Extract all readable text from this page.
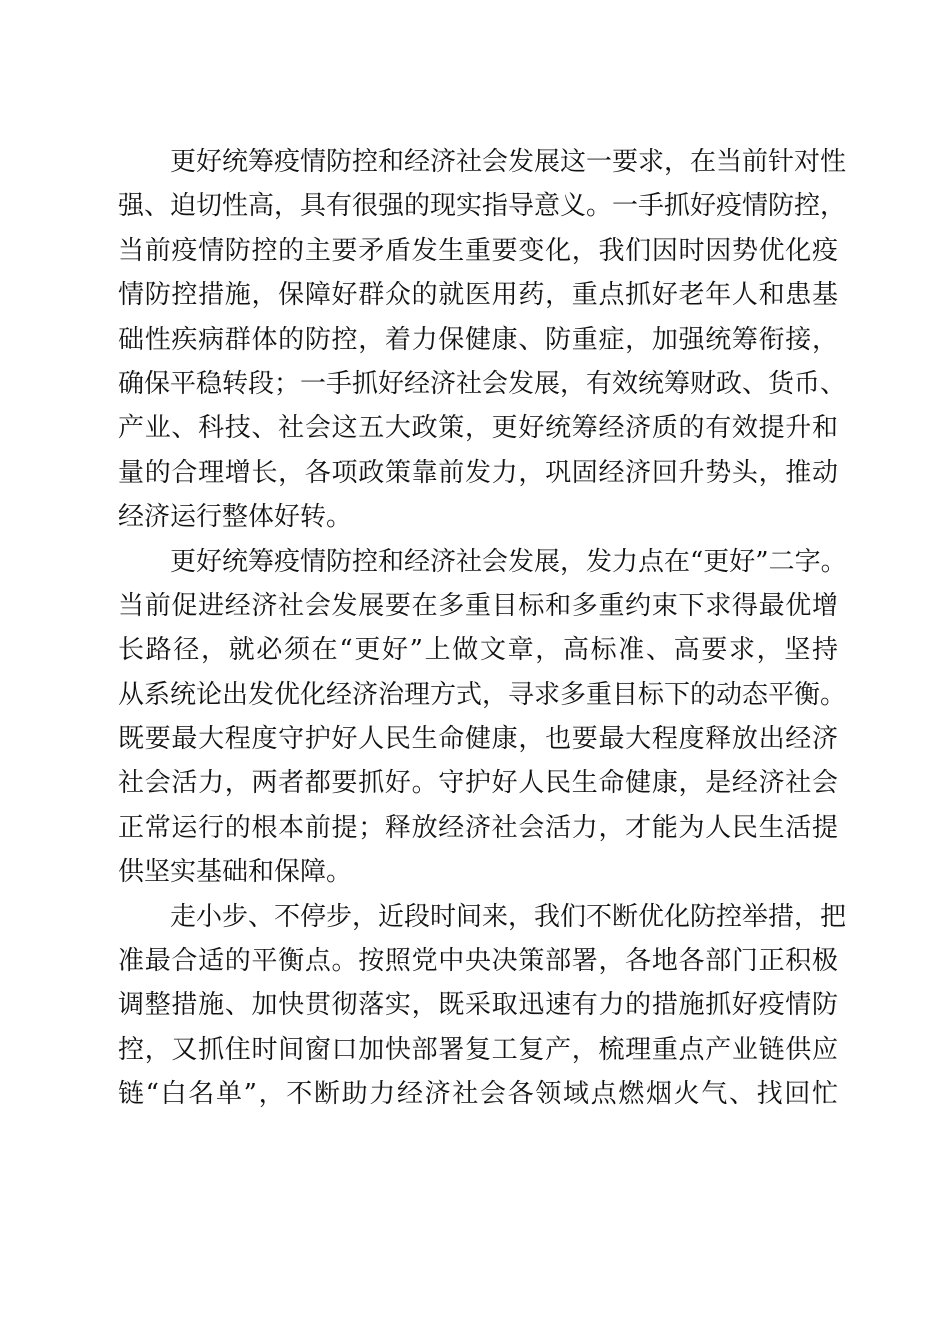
更好统筹疫情防控和经济社会发展这一要求，在当前针对性
强、迫切性高，具有很强的现实指导意义。一手抓好疫情防控，
当前疫情防控的主要矛盾发生重要变化，我们因时因势优化疫
情防控措施，保障好群众的就医用药，重点抓好老年人和患基
础性疾病群体的防控，着力保健康、防重症，加强统筹衔接，
确保平稳转段；一手抓好经济社会发展，有效统筹财政、货币、
产业、科技、社会这五大政策，更好统筹经济质的有效提升和
量的合理增长，各项政策靠前发力，巩固经济回升势头，推动
经济运行整体好转。
更好统筹疫情防控和经济社会发展，发力点在“更好”二字。
当前促进经济社会发展要在多重目标和多重约束下求得最优增
长路径，就必须在“更好”上做文章，高标准、高要求，坚持
从系统论出发优化经济治理方式，寻求多重目标下的动态平衡。
既要最大程度守护好人民生命健康，也要最大程度释放出经济
社会活力，两者都要抓好。守护好人民生命健康，是经济社会
正常运行的根本前提；释放经济社会活力，才能为人民生活提
供坚实基础和保障。
走小步、不停步，近段时间来，我们不断优化防控举措，把
准最合适的平衡点。按照党中央决策部署，各地各部门正积极
调整措施、加快贯彻落实，既采取迅速有力的措施抓好疫情防
控，又抓住时间窗口加快部署复工复产，梳理重点产业链供应
链“白名单”，不断助力经济社会各领域点燃烟火气、找回忙
